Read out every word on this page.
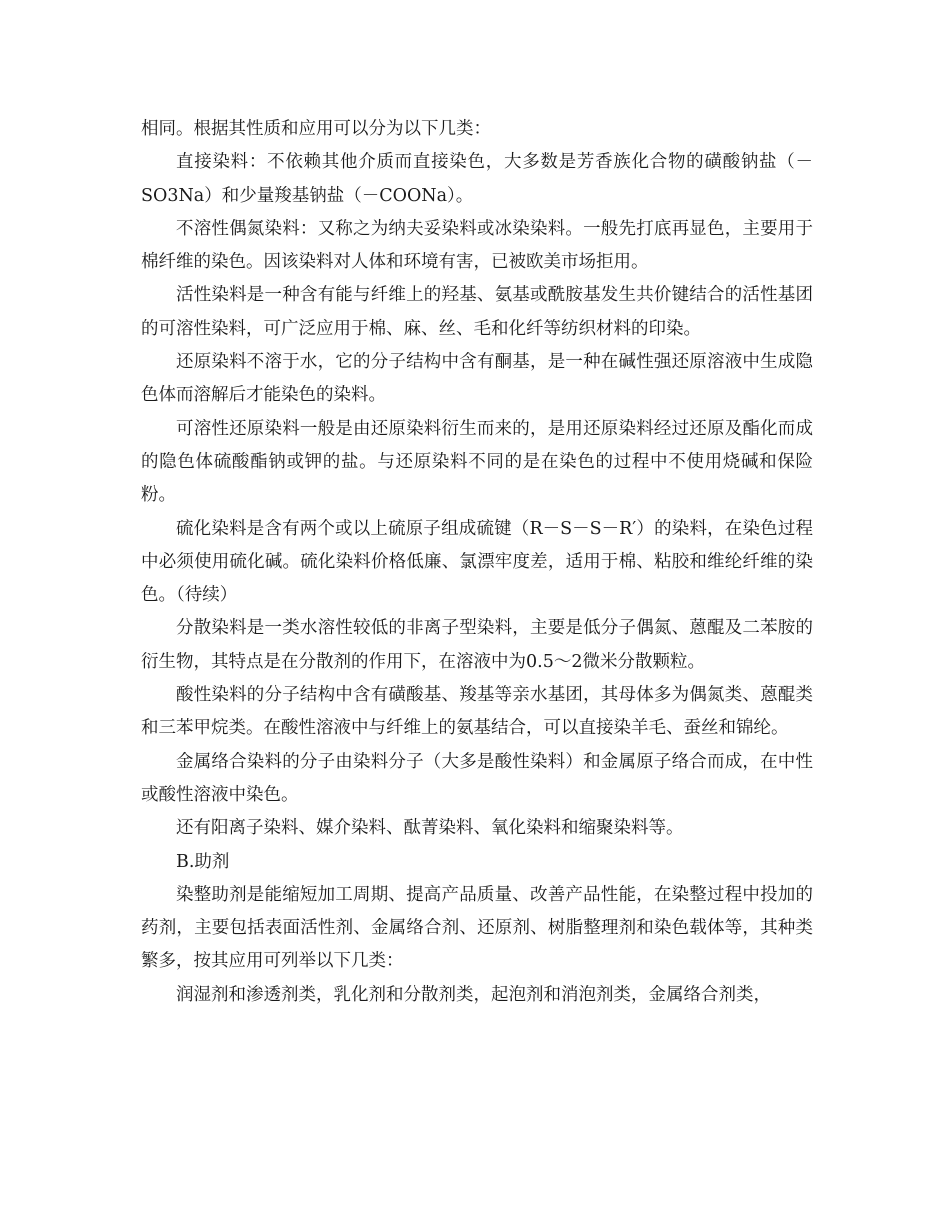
相同。根据其性质和应用可以分为以下几类：

直接染料：不依赖其他介质而直接染色，大多数是芳香族化合物的磺酸钠盐（－SO3Na）和少量羧基钠盐（－COONa）。

不溶性偶氮染料：又称之为纳夫妥染料或冰染染料。一般先打底再显色，主要用于棉纤维的染色。因该染料对人体和环境有害，已被欧美市场拒用。

活性染料是一种含有能与纤维上的羟基、氨基或酰胺基发生共价键结合的活性基团的可溶性染料，可广泛应用于棉、麻、丝、毛和化纤等纺织材料的印染。

还原染料不溶于水，它的分子结构中含有酮基，是一种在碱性强还原溶液中生成隐色体而溶解后才能染色的染料。

可溶性还原染料一般是由还原染料衍生而来的，是用还原染料经过还原及酯化而成的隐色体硫酸酯钠或钾的盐。与还原染料不同的是在染色的过程中不使用烧碱和保险粉。

硫化染料是含有两个或以上硫原子组成硫键（R－S－S－R′）的染料，在染色过程中必须使用硫化碱。硫化染料价格低廉、氯漂牢度差，适用于棉、粘胶和维纶纤维的染色。（待续）

分散染料是一类水溶性较低的非离子型染料，主要是低分子偶氮、蒽醌及二苯胺的衍生物，其特点是在分散剂的作用下，在溶液中为0.5～2微米分散颗粒。

酸性染料的分子结构中含有磺酸基、羧基等亲水基团，其母体多为偶氮类、蒽醌类和三苯甲烷类。在酸性溶液中与纤维上的氨基结合，可以直接染羊毛、蚕丝和锦纶。

金属络合染料的分子由染料分子（大多是酸性染料）和金属原子络合而成，在中性或酸性溶液中染色。

还有阳离子染料、媒介染料、酞菁染料、氧化染料和缩聚染料等。

B.助剂

染整助剂是能缩短加工周期、提高产品质量、改善产品性能，在染整过程中投加的药剂，主要包括表面活性剂、金属络合剂、还原剂、树脂整理剂和染色载体等，其种类繁多，按其应用可列举以下几类：

润湿剂和渗透剂类，乳化剂和分散剂类，起泡剂和消泡剂类，金属络合剂类，
